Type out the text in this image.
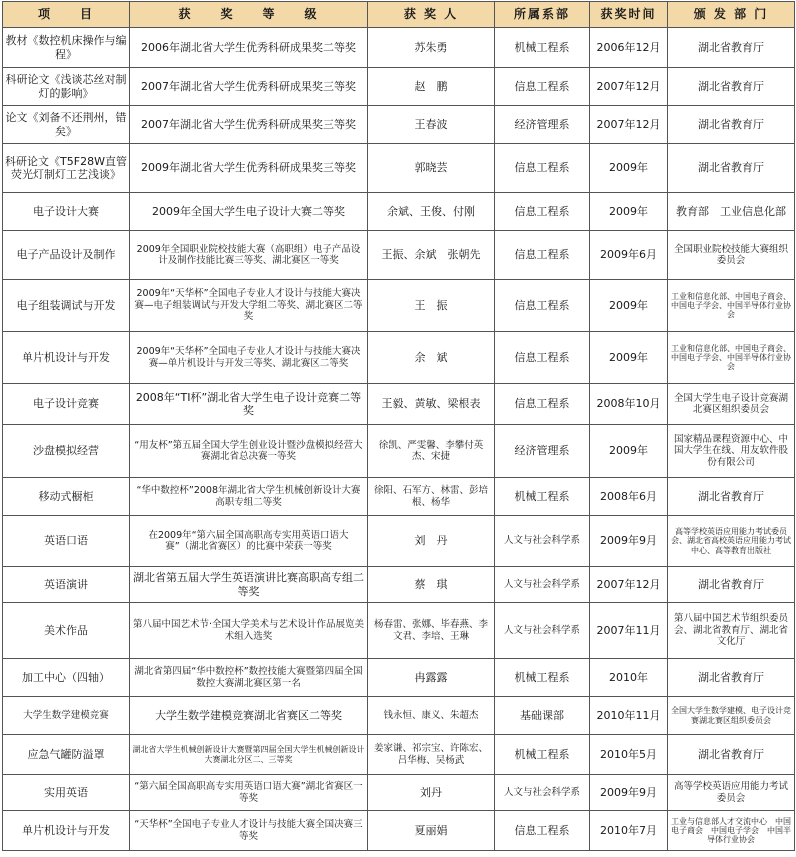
项　　目	获　　奖　　等　　级	获 奖 人	所属系部	获奖时间	颁 发 部 门
教材《数控机床操作与编程》	2006年湖北省大学生优秀科研成果奖二等奖	苏朱勇	机械工程系	2006年12月	湖北省教育厅
科研论文《浅谈芯丝对制灯的影响》	2007年湖北省大学生优秀科研成果奖三等奖	赵　鹏	信息工程系	2007年12月	湖北省教育厅
论文《刘备不还荆州，错矣》	2007年湖北省大学生优秀科研成果奖三等奖	王春波	经济管理系	2007年12月	湖北省教育厅
科研论文《T5F28W直管荧光灯制灯工艺浅谈》	2009年湖北省大学生优秀科研成果奖三等奖	郭晓芸	信息工程系	2009年	湖北省教育厅
电子设计大赛	2009年全国大学生电子设计大赛二等奖	余斌、王俊、付刚	信息工程系	2009年	教育部　工业信息化部
电子产品设计及制作	2009年全国职业院校技能大赛（高职组）电子产品设计及制作技能比赛三等奖、湖北赛区一等奖	王振、余斌　张朝先	信息工程系	2009年6月	全国职业院校技能大赛组织委员会
电子组装调试与开发	2009年“天华杯”全国电子专业人才设计与技能大赛决赛—电子组装调试与开发大学组二等奖、湖北赛区二等奖	王　振	信息工程系	2009年	工业和信息化部、中国电子商会、中国电子学会、中国半导体行业协会
单片机设计与开发	2009年“天华杯”全国电子专业人才设计与技能大赛决赛—单片机设计与开发三等奖、湖北赛区二等奖	余　斌	信息工程系	2009年	工业和信息化部、中国电子商会、中国电子学会、中国半导体行业协会
电子设计竞赛	2008年“TI杯”湖北省大学生电子设计竞赛二等奖	王毅、黄敏、梁根表	信息工程系	2008年10月	全国大学生电子设计竞赛湖北赛区组织委员会
沙盘模拟经营	“用友杯”第五届全国大学生创业设计暨沙盘模拟经营大赛湖北省总决赛一等奖	徐凯、严雯馨、李攀付英杰、宋捷	经济管理系	2009年	国家精品课程资源中心、中国大学生在线、用友软件股份有限公司
移动式橱柜	“华中数控杯”2008年湖北省大学生机械创新设计大赛高职专组二等奖	徐阳、石军方、林雷、彭培根、杨华	机械工程系	2008年6月	湖北省教育厅
英语口语	在2009年“第六届全国高职高专实用英语口语大赛”（湖北省赛区）的比赛中荣获一等奖	刘　丹	人文与社会科学系	2009年9月	高等学校英语应用能力考试委员会、湖北省高校英语应用能力考试中心、高等教育出版社
英语演讲	湖北省第五届大学生英语演讲比赛高职高专组二等奖	蔡　琪	人文与社会科学系	2007年12月	湖北省教育厅
美术作品	第八届中国艺术节·全国大学美术与艺术设计作品展览美术组入选奖	杨春雷、张娜、毕春燕、李文君、李培、王琳	人文与社会科学系	2007年11月	第八届中国艺术节组织委员会、湖北省教育厅、湖北省文化厅
加工中心（四轴）	湖北省第四届“华中数控杯”数控技能大赛暨第四届全国数控大赛湖北赛区第一名	冉露露	机械工程系	2010年	湖北省教育厅
大学生数学建模竞赛	大学生数学建模竞赛湖北省赛区二等奖	钱永恒、康义、朱超杰	基础课部	2010年11月	全国大学生数学建模、电子设计竞赛湖北赛区组织委员会
应急气罐防溢罩	湖北省大学生机械创新设计大赛暨第四届全国大学生机械创新设计大赛湖北分区二、三等奖	姜家谦、祁宗宝、许陈宏、吕华梅、吴杨武	机械工程系	2010年5月	湖北省教育厅
实用英语	“第六届全国高职高专实用英语口语大赛”湖北省赛区一等奖	刘丹	人文与社会科学系	2009年9月	高等学校英语应用能力考试委员会
单片机设计与开发	“天华杯”全国电子专业人才设计与技能大赛全国决赛三等奖	夏丽娟	信息工程系	2010年7月	工业与信息部人才交流中心　中国电子商会　中国电子学会　中国半导体行业协会
